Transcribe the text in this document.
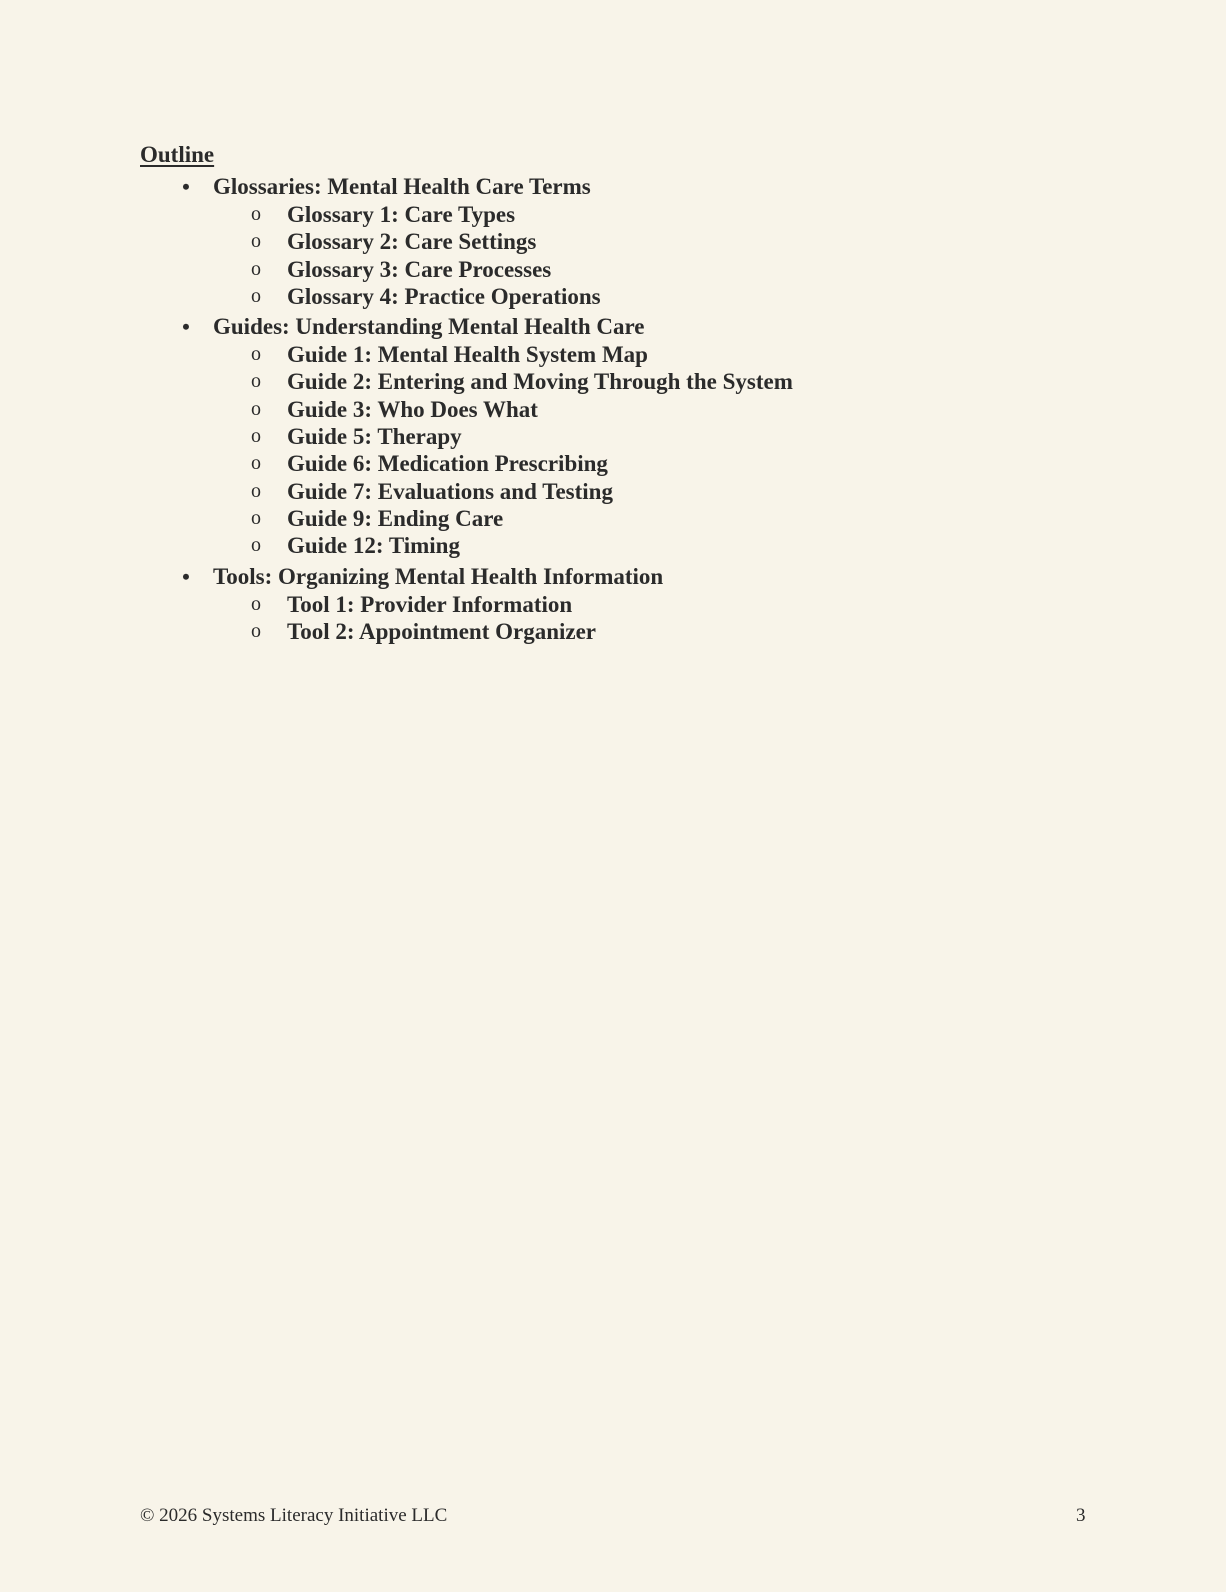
Outline
• Glossaries: Mental Health Care Terms
o Glossary 1: Care Types
o Glossary 2: Care Settings
o Glossary 3: Care Processes
o Glossary 4: Practice Operations
• Guides: Understanding Mental Health Care
o Guide 1: Mental Health System Map
o Guide 2: Entering and Moving Through the System
o Guide 3: Who Does What
o Guide 5: Therapy
o Guide 6: Medication Prescribing
o Guide 7: Evaluations and Testing
o Guide 9: Ending Care
o Guide 12: Timing
• Tools: Organizing Mental Health Information
o Tool 1: Provider Information
o Tool 2: Appointment Organizer
© 2026 Systems Literacy Initiative LLC	3
